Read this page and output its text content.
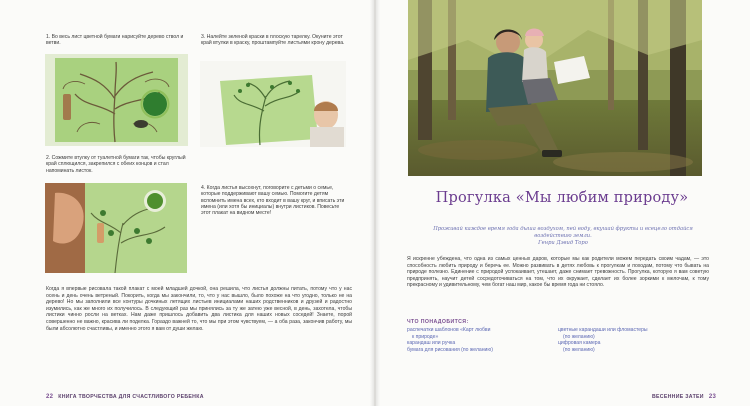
1. Во весь лист цветной бумаги нарисуйте дерево ствол и ветви.
3. Налейте зеленой краски в плоскую тарелку. Окуните этот край втулки в краску, проштампуйте листьями крону дерева.
2. Сожмите втулку от туалетной бумаги так, чтобы круглый край сплющился, закрепился с обеих концов и стал напоминать листок.
4. Когда листья высохнут, поговорите с детьми о семье, которые поддерживают вашу семью. Помогите детям вспомнить имена всех, кто входит в вашу круг, и вписать эти имена (или хотя бы инициалы) внутри листиков. Повесьте этот плакат на видном месте!
Когда я впервые рисовала такой плакат с моей младшей дочкой, она решила, что листья должны питать, потому что у нас осень и день очень ветреный. Покорить, когда мы закончили, то, что у нас вышло, было похоже на что угодно, только не на дерево! Но мы заполнили все контуры дочкиных летящих листьев инициалами наших родственников и друзей и радостно изумились, как же много их получилось. В следующий раз мы принялись за ту же затею уже весной, в день, захотела, чтобы листики чинно росли на ветках. Нам даже пришлось добавить два листика для наших новых соседей! Знаете, порой совершенно не важно, красива ли поделка. Гораздо важней то, что мы при этом чувствуем, — а оба раза, закончив работу, мы были абсолютно счастливы, и именно этого я вам от души желаю.
22 КНИГА ТВОРЧЕСТВА ДЛЯ СЧАСТЛИВОГО РЕБЕНКА
Прогулка «Мы любим природу»
Проживай каждое время года дыша воздухом, пей воду, вкушай фрукты и всецело отдайся воздействию земли.
Генри Дэвид Торо
Я искренне убеждена, что одна из самых ценных даров, которые мы как родители можем передать своим чадам, — это способность любить природу и беречь ее. Можно развивать в детях любовь к прогулкам и походам, потому что бывать на природе полезно. Единение с природой успокаивает, утешает, даже снимает тревожность. Прогулка, которую я вам советую предпринять, научит детей сосредоточиваться на том, что их окружает, сделает их более зоркими к мелочам, к тому прекрасному и удивительному, чем богат наш мир, какое бы время года ни стояло.
ЧТО ПОНАДОБИТСЯ:
распечатки шаблонов «Карт любви
к природе»
карандаш или ручка
бумага для рисования (по желанию)
цветные карандаши или фломастеры
(по желанию)
цифровая камера
(по желанию)
ВЕСЕННИЕ ЗАТЕИ 23
